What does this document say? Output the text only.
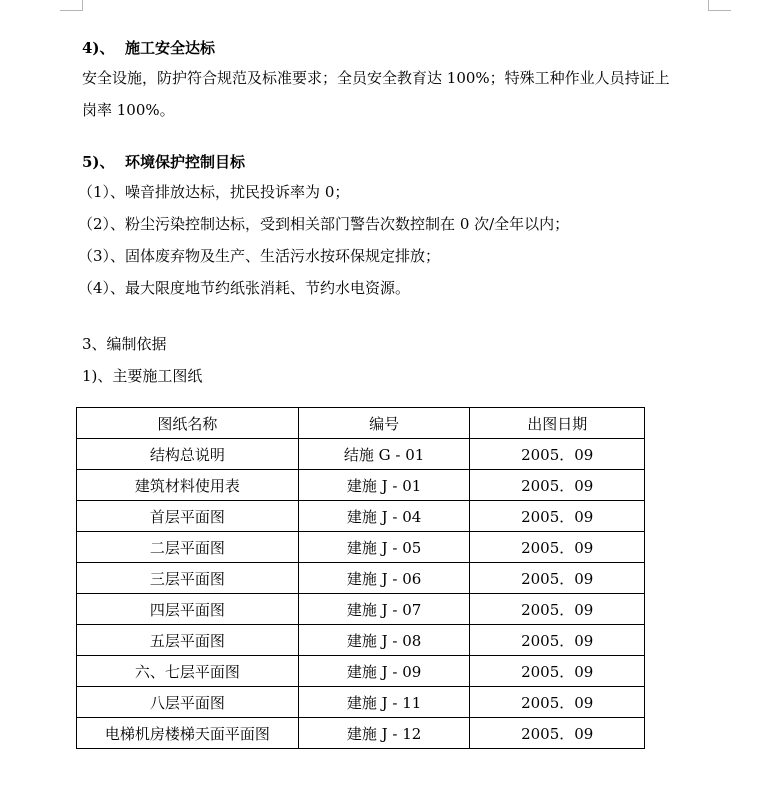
4)、  施工安全达标
安全设施，防护符合规范及标准要求；全员安全教育达 100%；特殊工种作业人员持证上
岗率 100%。
5)、  环境保护控制目标
（1）、噪音排放达标，扰民投诉率为 0；
（2）、粉尘污染控制达标，受到相关部门警告次数控制在 0 次/全年以内；
（3）、固体废弃物及生产、生活污水按环保规定排放；
（4）、最大限度地节约纸张消耗、节约水电资源。
3、编制依据
1)、主要施工图纸
图纸名称	编号	出图日期
结构总说明	结施 G - 01	2005．09
建筑材料使用表	建施 J - 01	2005．09
首层平面图	建施 J - 04	2005．09
二层平面图	建施 J - 05	2005．09
三层平面图	建施 J - 06	2005．09
四层平面图	建施 J - 07	2005．09
五层平面图	建施 J - 08	2005．09
六、七层平面图	建施 J - 09	2005．09
八层平面图	建施 J - 11	2005．09
电梯机房楼梯天面平面图	建施 J - 12	2005．09
